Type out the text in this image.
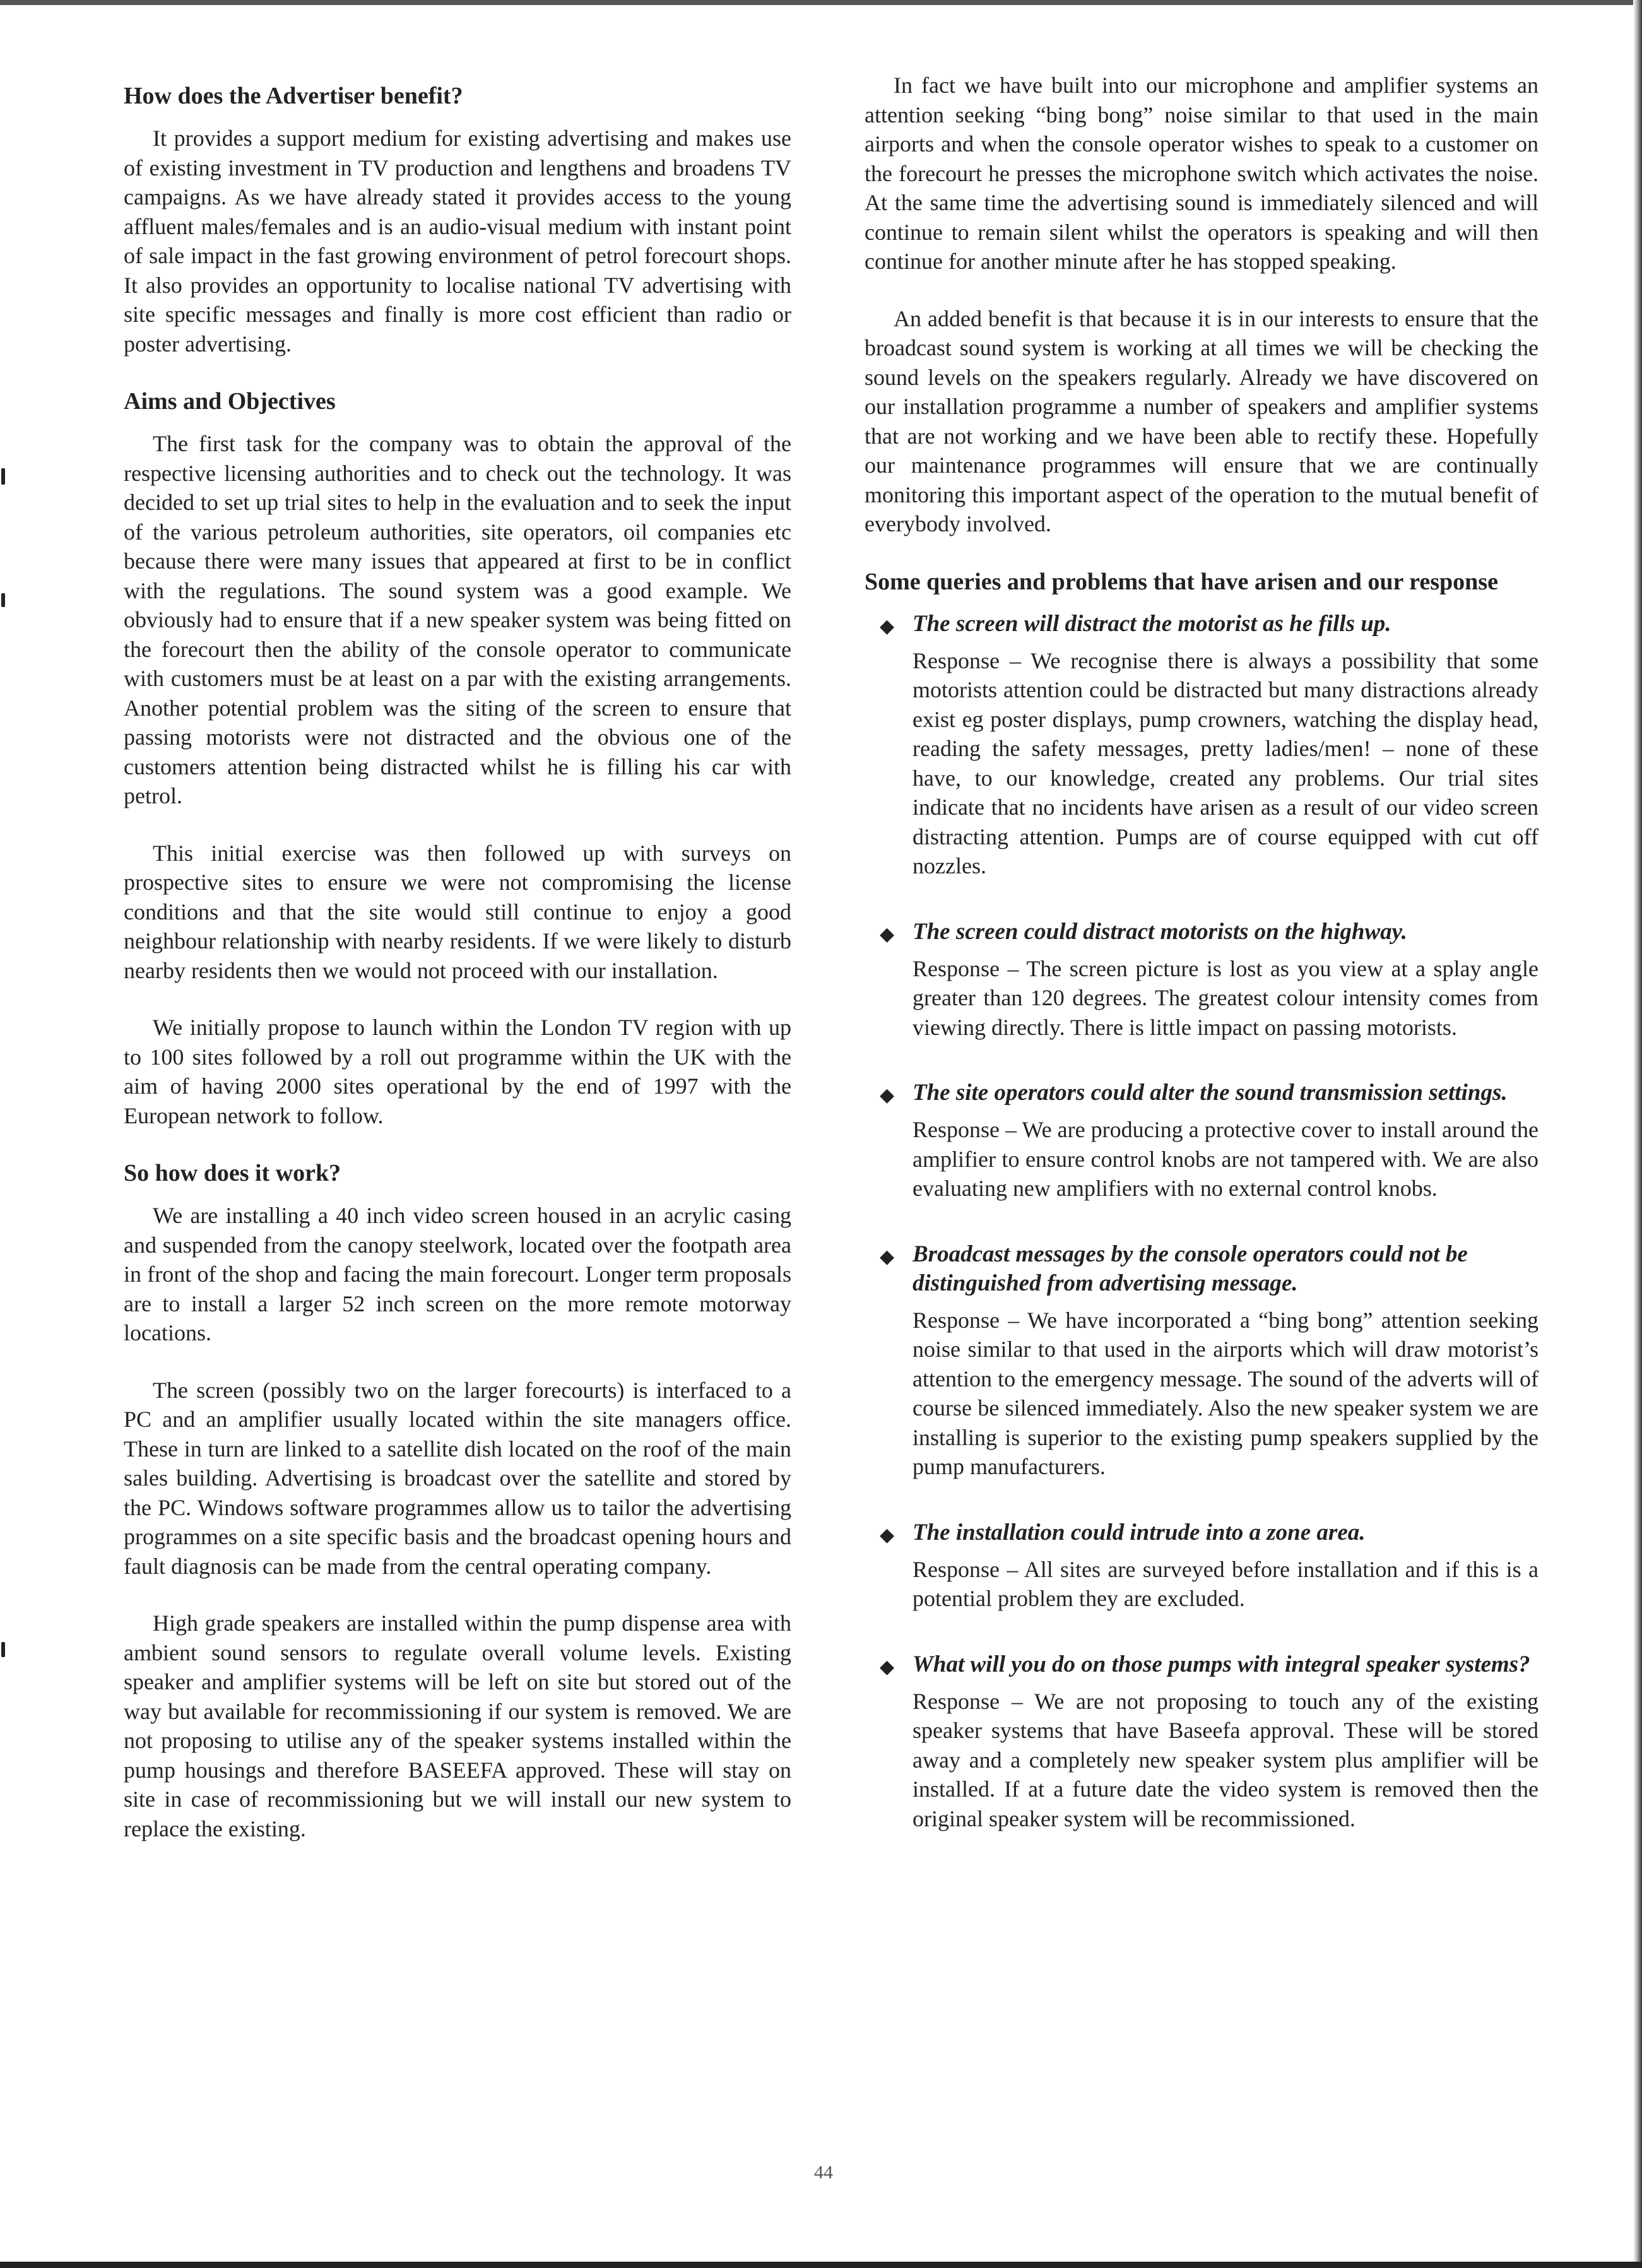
How does the Advertiser benefit?

It provides a support medium for existing advertising and makes use of existing investment in TV production and lengthens and broadens TV campaigns. As we have already stated it provides access to the young affluent males/females and is an audio-visual medium with instant point of sale impact in the fast growing environment of petrol forecourt shops. It also provides an opportunity to localise national TV advertising with site specific messages and finally is more cost efficient than radio or poster advertising.

Aims and Objectives

The first task for the company was to obtain the approval of the respective licensing authorities and to check out the technology. It was decided to set up trial sites to help in the evaluation and to seek the input of the various petroleum authorities, site operators, oil companies etc because there were many issues that appeared at first to be in conflict with the regulations. The sound system was a good example. We obviously had to ensure that if a new speaker system was being fitted on the forecourt then the ability of the console operator to communicate with customers must be at least on a par with the existing arrangements. Another potential problem was the siting of the screen to ensure that passing motorists were not distracted and the obvious one of the customers attention being distracted whilst he is filling his car with petrol.

This initial exercise was then followed up with surveys on prospective sites to ensure we were not compromising the license conditions and that the site would still continue to enjoy a good neighbour relationship with nearby residents. If we were likely to disturb nearby residents then we would not proceed with our installation.

We initially propose to launch within the London TV region with up to 100 sites followed by a roll out programme within the UK with the aim of having 2000 sites operational by the end of 1997 with the European network to follow.

So how does it work?

We are installing a 40 inch video screen housed in an acrylic casing and suspended from the canopy steelwork, located over the footpath area in front of the shop and facing the main forecourt. Longer term proposals are to install a larger 52 inch screen on the more remote motorway locations.

The screen (possibly two on the larger forecourts) is interfaced to a PC and an amplifier usually located within the site managers office. These in turn are linked to a satellite dish located on the roof of the main sales building. Advertising is broadcast over the satellite and stored by the PC. Windows software programmes allow us to tailor the advertising programmes on a site specific basis and the broadcast opening hours and fault diagnosis can be made from the central operating company.

High grade speakers are installed within the pump dispense area with ambient sound sensors to regulate overall volume levels. Existing speaker and amplifier systems will be left on site but stored out of the way but available for recommissioning if our system is removed. We are not proposing to utilise any of the speaker systems installed within the pump housings and therefore BASEEFA approved. These will stay on site in case of recommissioning but we will install our new system to replace the existing.

In fact we have built into our microphone and amplifier systems an attention seeking “bing bong” noise similar to that used in the main airports and when the console operator wishes to speak to a customer on the forecourt he presses the microphone switch which activates the noise. At the same time the advertising sound is immediately silenced and will continue to remain silent whilst the operators is speaking and will then continue for another minute after he has stopped speaking.

An added benefit is that because it is in our interests to ensure that the broadcast sound system is working at all times we will be checking the sound levels on the speakers regularly. Already we have discovered on our installation programme a number of speakers and amplifier systems that are not working and we have been able to rectify these. Hopefully our maintenance programmes will ensure that we are continually monitoring this important aspect of the operation to the mutual benefit of everybody involved.

Some queries and problems that have arisen and our response
◆ The screen will distract the motorist as he fills up.

Response – We recognise there is always a possibility that some motorists attention could be distracted but many distractions already exist eg poster displays, pump crowners, watching the display head, reading the safety messages, pretty ladies/men! – none of these have, to our knowledge, created any problems. Our trial sites indicate that no incidents have arisen as a result of our video screen distracting attention. Pumps are of course equipped with cut off nozzles.

◆ The screen could distract motorists on the highway.

Response – The screen picture is lost as you view at a splay angle greater than 120 degrees. The greatest colour intensity comes from viewing directly. There is little impact on passing motorists.

◆ The site operators could alter the sound transmission settings.

Response – We are producing a protective cover to install around the amplifier to ensure control knobs are not tampered with. We are also evaluating new amplifiers with no external control knobs.

◆ Broadcast messages by the console operators could not be distinguished from advertising message.

Response – We have incorporated a “bing bong” attention seeking noise similar to that used in the airports which will draw motorist’s attention to the emergency message. The sound of the adverts will of course be silenced immediately. Also the new speaker system we are installing is superior to the existing pump speakers supplied by the pump manufacturers.

◆ The installation could intrude into a zone area.

Response – All sites are surveyed before installation and if this is a potential problem they are excluded.

◆ What will you do on those pumps with integral speaker systems?

Response – We are not proposing to touch any of the existing speaker systems that have Baseefa approval. These will be stored away and a completely new speaker system plus amplifier will be installed. If at a future date the video system is removed then the original speaker system will be recommissioned.

44
